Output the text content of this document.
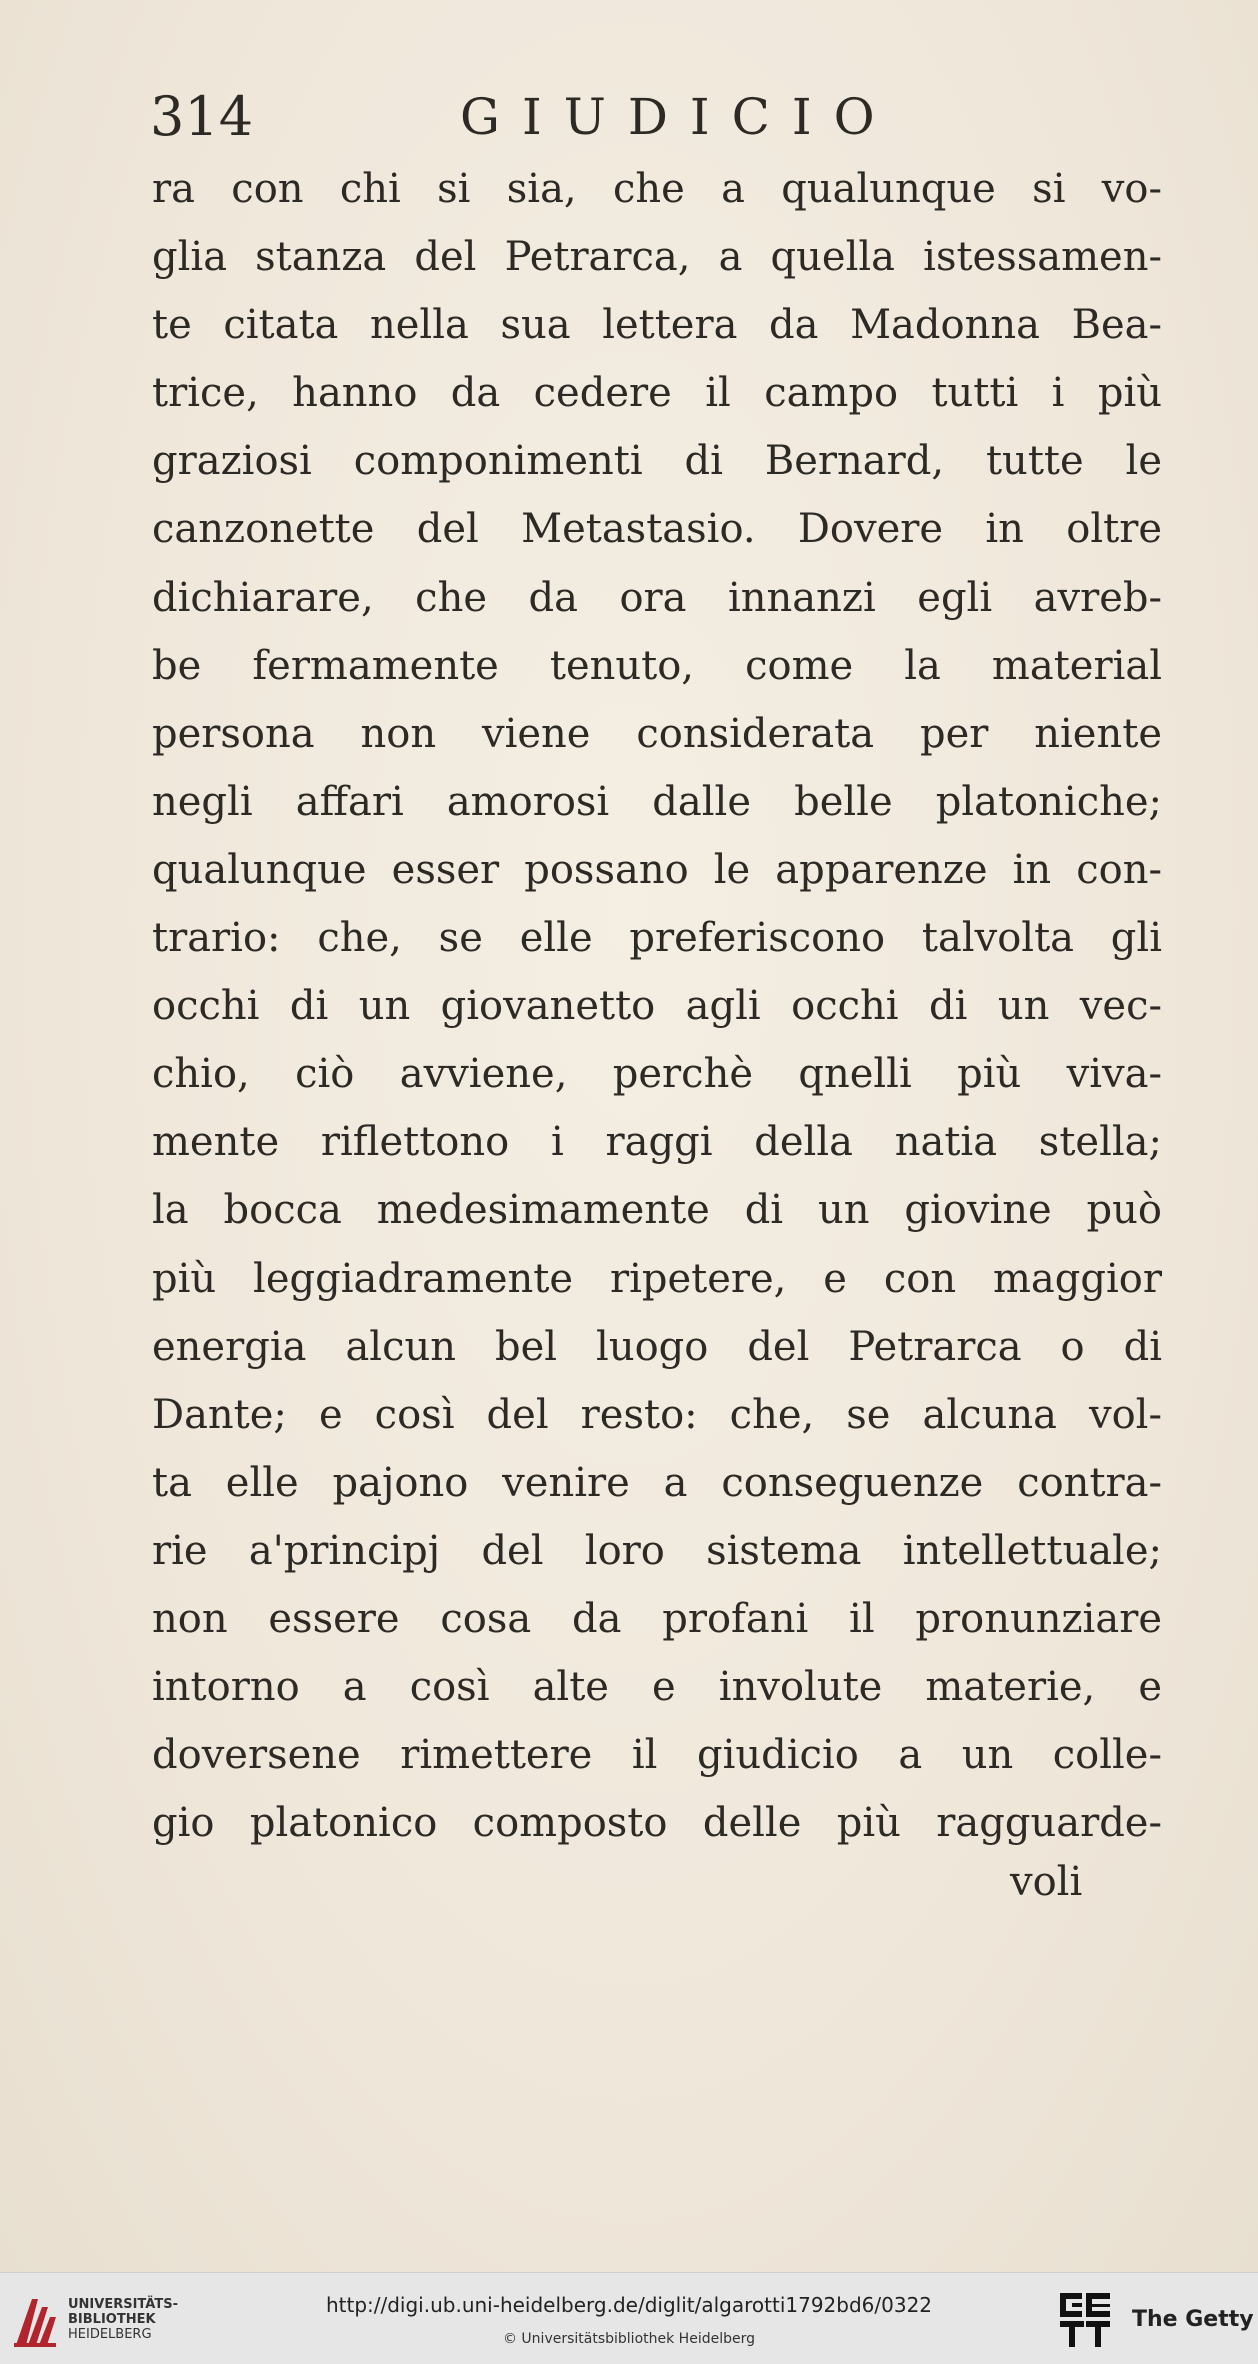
314	GIUDICIO
ra con chi si sia, che a qualunque si vo-
glia stanza del Petrarca, a quella istessamen-
te citata nella sua lettera da Madonna Bea-
trice, hanno da cedere il campo tutti i più
graziosi componimenti di Bernard, tutte le
canzonette del Metastasio. Dovere in oltre
dichiarare, che da ora innanzi egli avreb-
be fermamente tenuto, come la material
persona non viene considerata per niente
negli affari amorosi dalle belle platoniche;
qualunque esser possano le apparenze in con-
trario: che, se elle preferiscono talvolta gli
occhi di un giovanetto agli occhi di un vec-
chio, ciò avviene, perchè qnelli più viva-
mente riflettono i raggi della natia stella;
la bocca medesimamente di un giovine può
più leggiadramente ripetere, e con maggior
energia alcun bel luogo del Petrarca o di
Dante; e così del resto: che, se alcuna vol-
ta elle pajono venire a conseguenze contra-
rie a'principj del loro sistema intellettuale;
non essere cosa da profani il pronunziare
intorno a così alte e involute materie, e
doversene rimettere il giudicio a un colle-
gio platonico composto delle più ragguarde-
voli
UNIVERSITÄTS-
BIBLIOTHEK
HEIDELBERG
http://digi.ub.uni-heidelberg.de/diglit/algarotti1792bd6/0322
© Universitätsbibliothek Heidelberg
The Getty
